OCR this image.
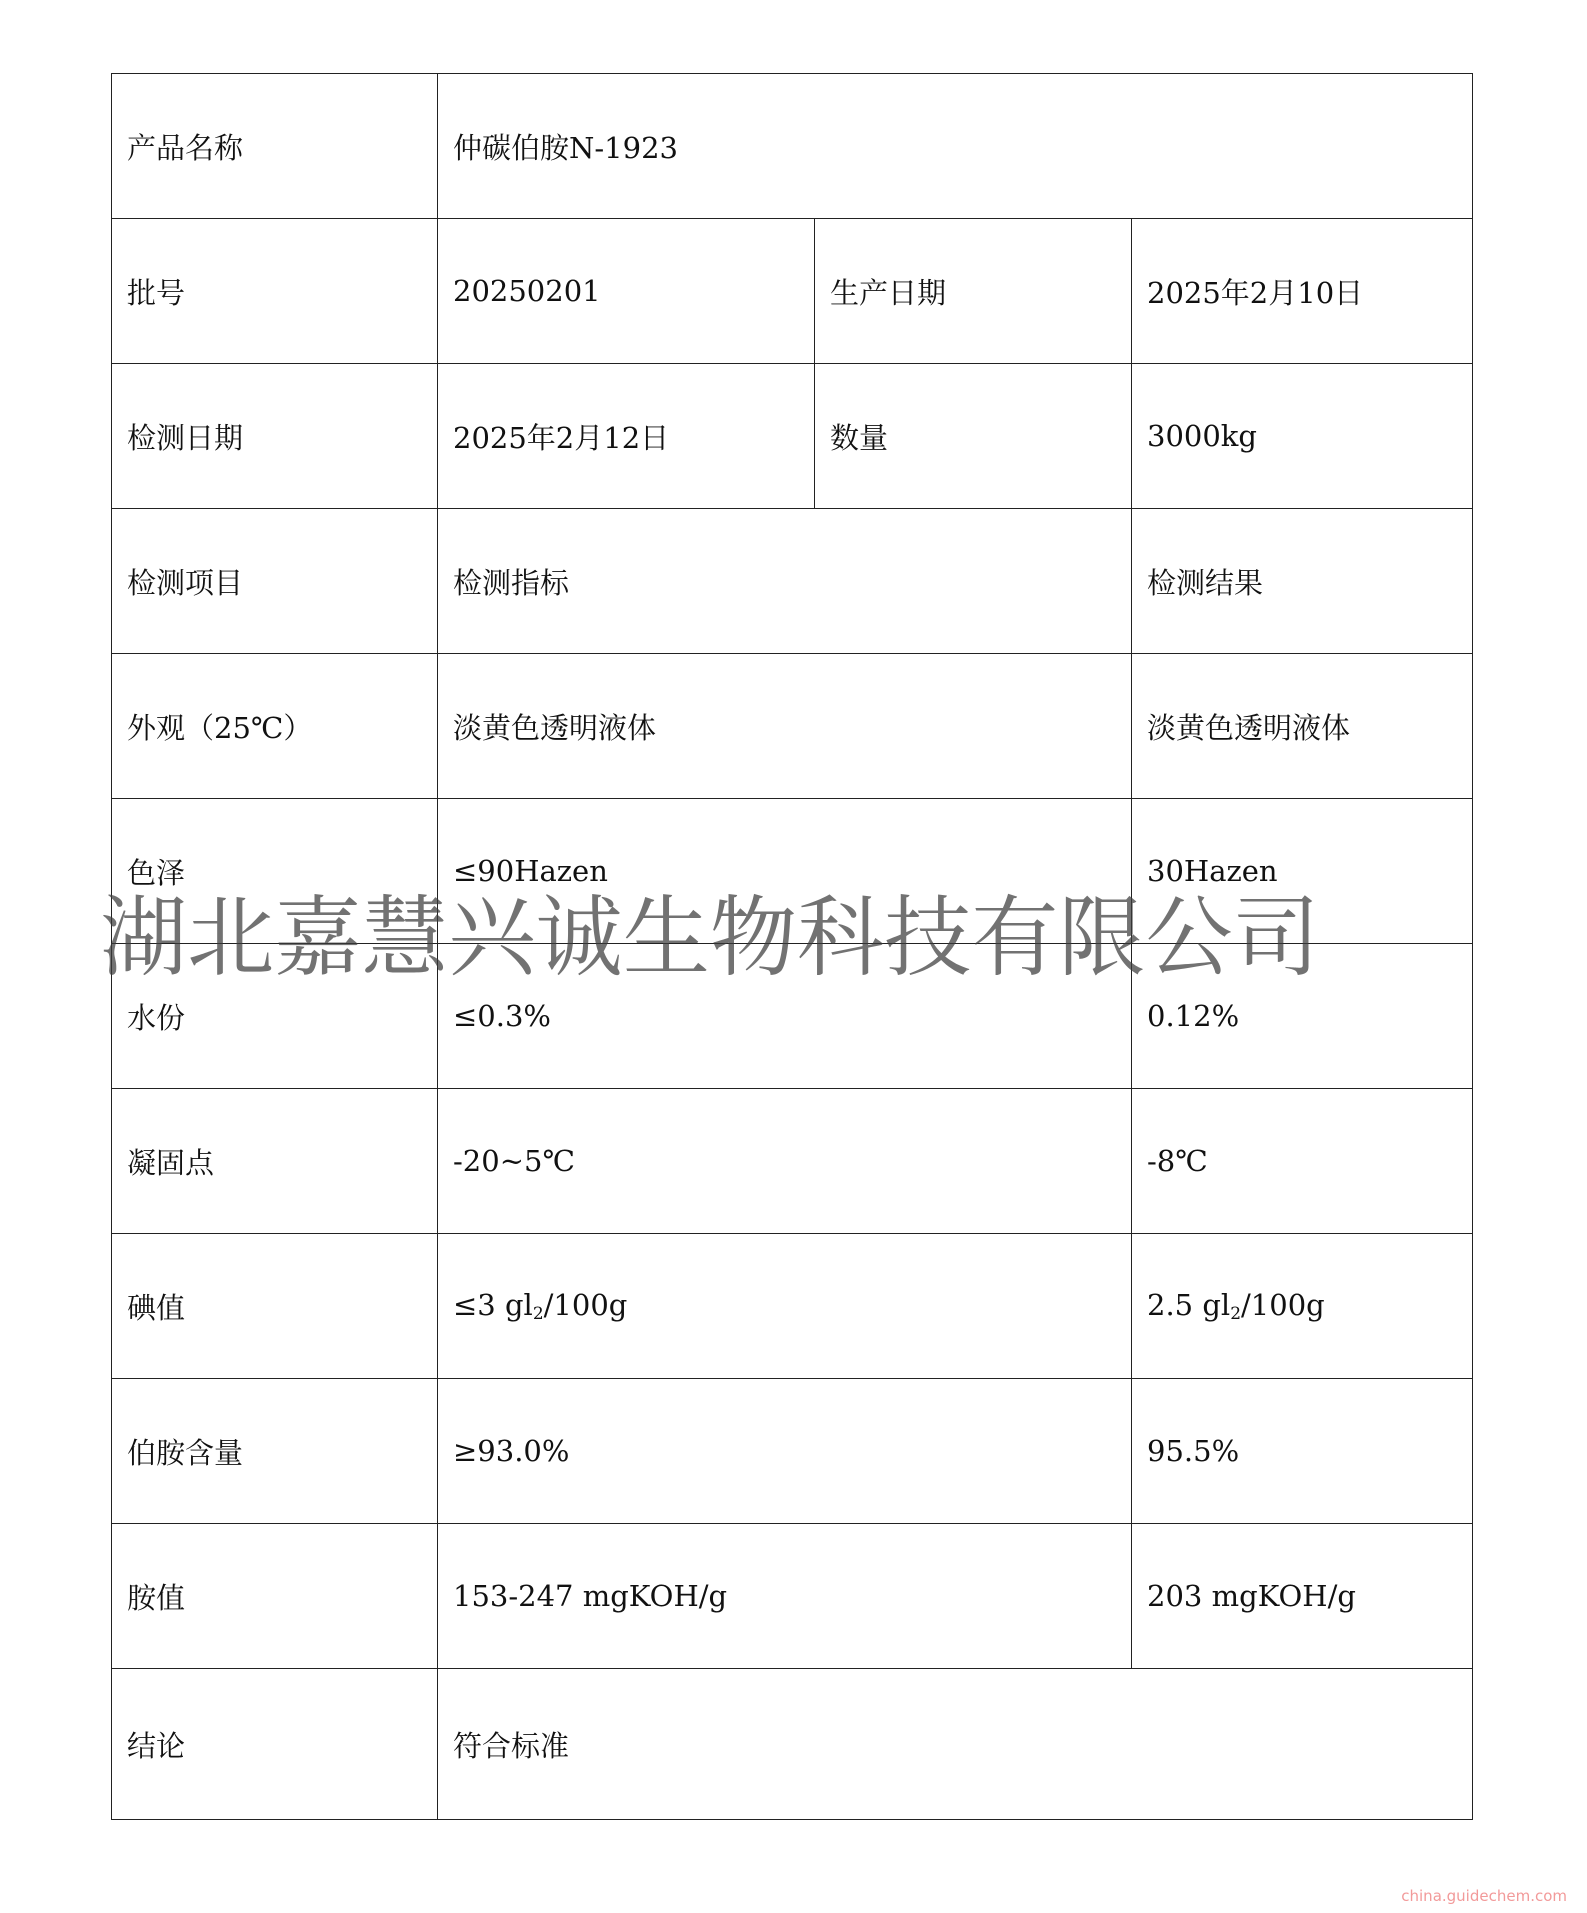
产品名称	仲碳伯胺N-1923		
批号	20250201	生产日期	2025年2月10日
检测日期	2025年2月12日	数量	3000kg
检测项目	检测指标		检测结果
外观（25℃）	淡黄色透明液体		淡黄色透明液体
色泽	≤90Hazen		30Hazen
水份	≤0.3%		0.12%
凝固点	-20~5℃		-8℃
碘值	≤3 $gl_2/100g$		2.5 $gl_2/100g$
伯胺含量	≥93.0%		95.5%
胺值	153-247 mgKOH/g		203 mgKOH/g
结论	符合标准		
湖北嘉慧兴诚生物科技有限公司
china.guidechem.com
